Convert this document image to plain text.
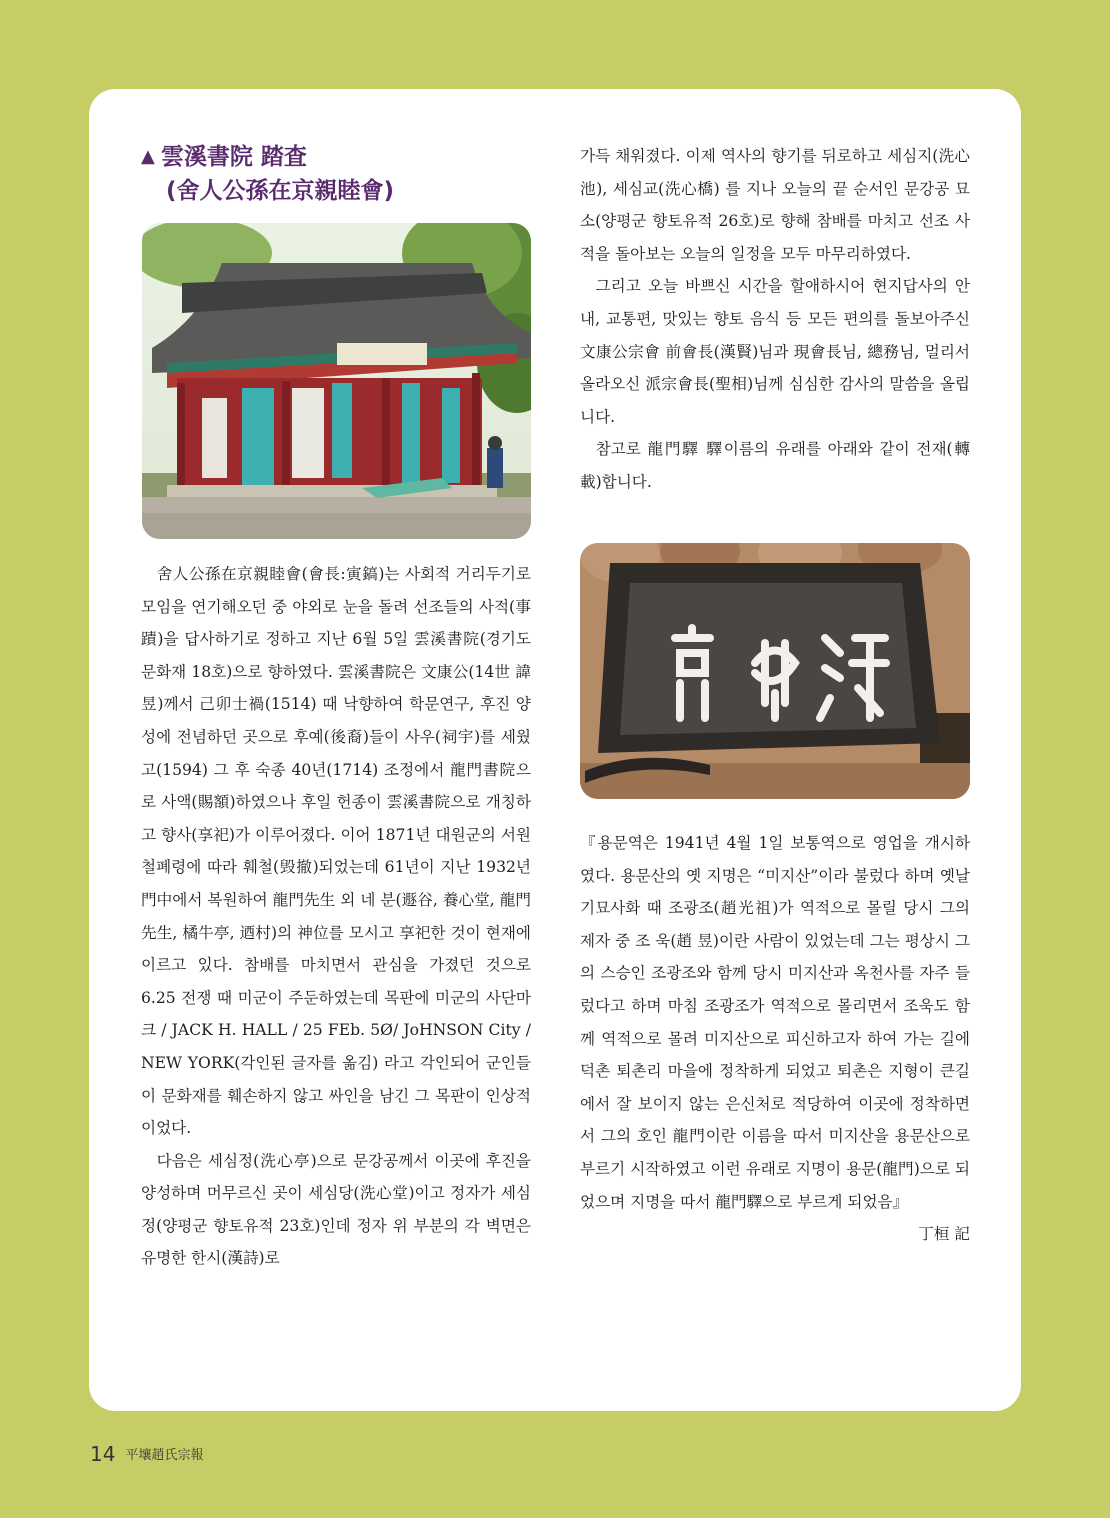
▲ 雲溪書院 踏査
(舍人公孫在京親睦會)

舍人公孫在京親睦會(會長:寅鎬)는 사회적 거리두기로 모임을 연기해오던 중 야외로 눈을 돌려 선조들의 사적(事蹟)을 답사하기로 정하고 지난 6월 5일 雲溪書院(경기도 문화재 18호)으로 향하였다. 雲溪書院은 文康公(14世 諱 昱)께서 己卯士禍(1514) 때 낙향하여 학문연구, 후진 양성에 전념하던 곳으로 후예(後裔)들이 사우(祠宇)를 세웠고(1594) 그 후 숙종 40년(1714) 조정에서 龍門書院으로 사액(賜額)하였으나 후일 헌종이 雲溪書院으로 개칭하고 향사(享祀)가 이루어졌다. 이어 1871년 대원군의 서원철폐령에 따라 훼철(毁撤)되었는데 61년이 지난 1932년 門中에서 복원하여 龍門先生 외 네 분(遯谷, 養心堂, 龍門先生, 橘牛亭, 迺村)의 神位를 모시고 享祀한 것이 현재에 이르고 있다. 참배를 마치면서 관심을 가졌던 것으로 6.25 전쟁 때 미군이 주둔하였는데 목판에 미군의 사단마크 / JACK H. HALL / 25 FEb. 5Ø/ JoHNSON City / NEW YORK(각인된 글자를 옮김) 라고 각인되어 군인들이 문화재를 훼손하지 않고 싸인을 남긴 그 목판이 인상적이었다.

다음은 세심정(洗心亭)으로 문강공께서 이곳에 후진을 양성하며 머무르신 곳이 세심당(洗心堂)이고 정자가 세심정(양평군 향토유적 23호)인데 정자 위 부분의 각 벽면은 유명한 한시(漢詩)로

가득 채워졌다. 이제 역사의 향기를 뒤로하고 세심지(洗心池), 세심교(洗心橋) 를 지나 오늘의 끝 순서인 문강공 묘소(양평군 향토유적 26호)로 향해 참배를 마치고 선조 사적을 돌아보는 오늘의 일정을 모두 마무리하였다.

그리고 오늘 바쁘신 시간을 할애하시어 현지답사의 안내, 교통편, 맛있는 향토 음식 등 모든 편의를 돌보아주신 文康公宗會 前會長(漢賢)님과 現會長님, 總務님, 멀리서 올라오신 派宗會長(聖相)님께 심심한 감사의 말씀을 올립니다.

참고로 龍門驛 驛이름의 유래를 아래와 같이 전재(轉載)합니다.

『용문역은 1941년 4월 1일 보통역으로 영업을 개시하였다. 용문산의 옛 지명은 “미지산”이라 불렀다 하며 옛날 기묘사화 때 조광조(趙光祖)가 역적으로 몰릴 당시 그의 제자 중 조 욱(趙 昱)이란 사람이 있었는데 그는 평상시 그의 스승인 조광조와 함께 당시 미지산과 옥천사를 자주 들렀다고 하며 마침 조광조가 역적으로 몰리면서 조욱도 함께 역적으로 몰려 미지산으로 피신하고자 하여 가는 길에 덕촌 퇴촌리 마을에 정착하게 되었고 퇴촌은 지형이 큰길에서 잘 보이지 않는 은신처로 적당하여 이곳에 정착하면서 그의 호인 龍門이란 이름을 따서 미지산을 용문산으로 부르기 시작하였고 이런 유래로 지명이 용문(龍門)으로 되었으며 지명을 따서 龍門驛으로 부르게 되었음』

丁桓 記

14 平壤趙氏宗報
